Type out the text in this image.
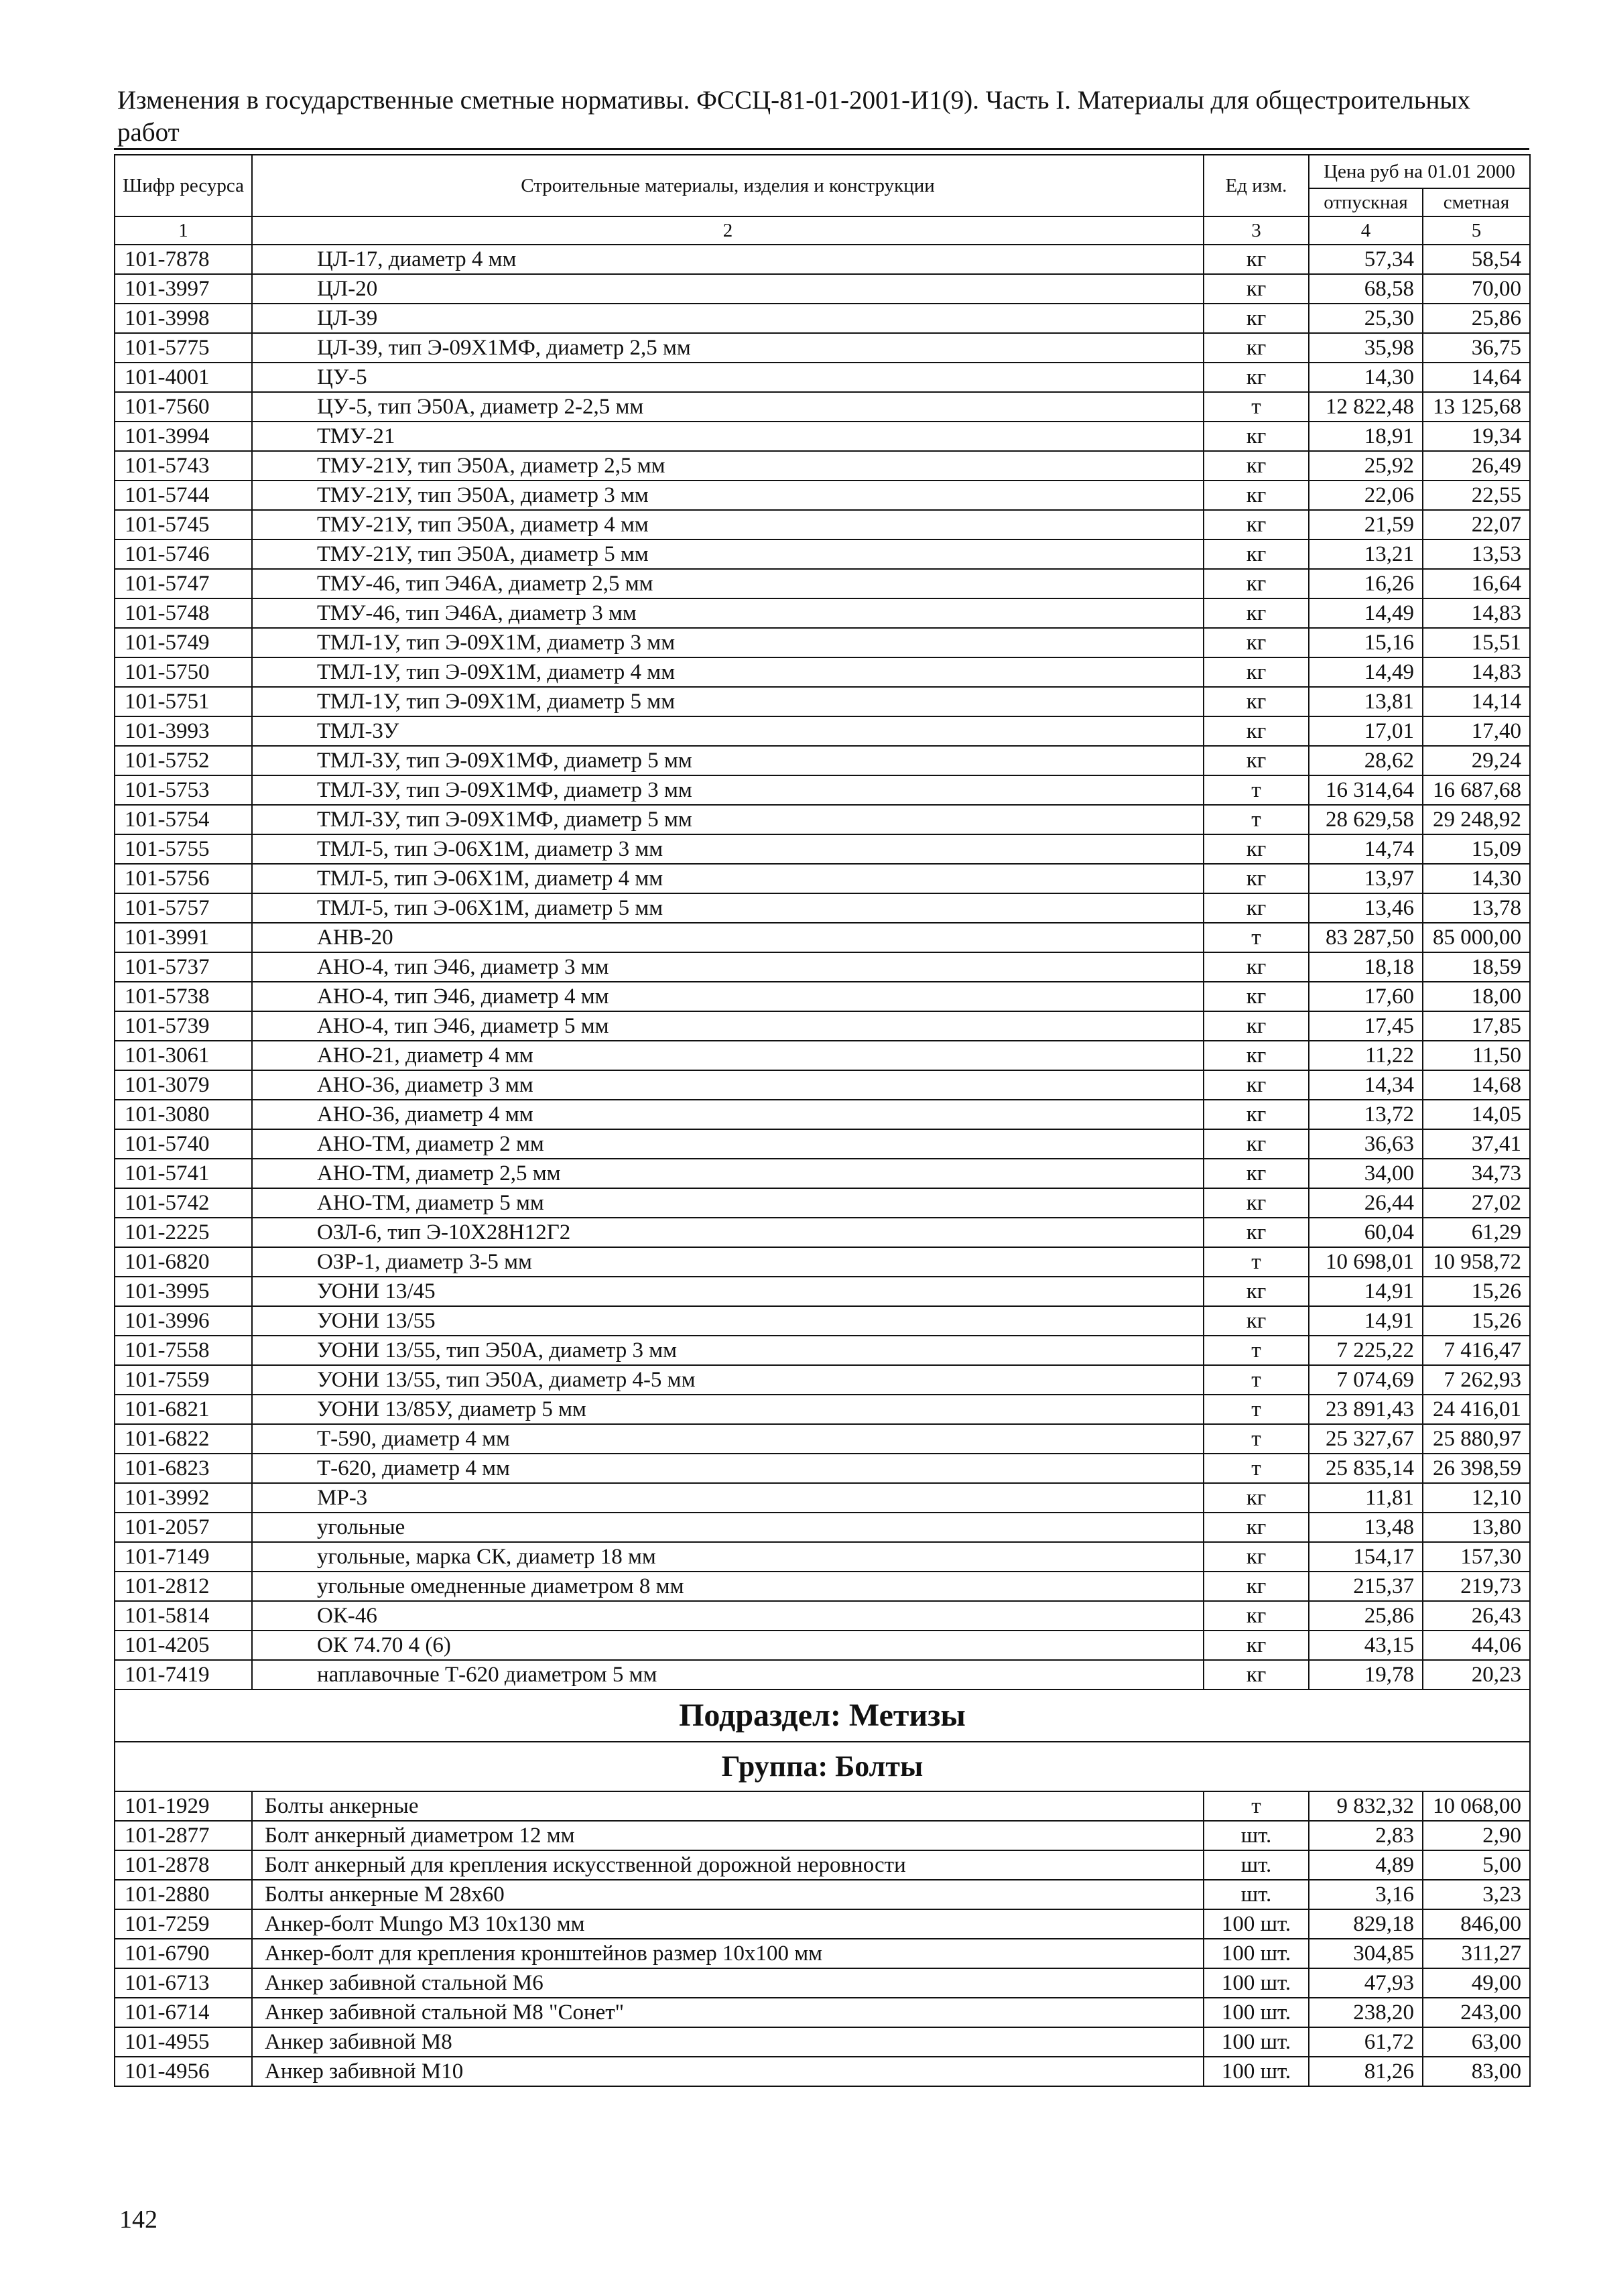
Изменения в государственные сметные нормативы. ФССЦ-81-01-2001-И1(9). Часть I. Материалы для общестроительных работ
Шифр ресурса	Строительные материалы, изделия и конструкции	Ед изм.	Цена руб на 01.01 2000	
			отпускная	сметная
1	2	3	4	5
101-7878	ЦЛ-17, диаметр 4 мм	кг	57,34	58,54
101-3997	ЦЛ-20	кг	68,58	70,00
101-3998	ЦЛ-39	кг	25,30	25,86
101-5775	ЦЛ-39, тип Э-09Х1МФ, диаметр 2,5 мм	кг	35,98	36,75
101-4001	ЦУ-5	кг	14,30	14,64
101-7560	ЦУ-5, тип Э50А, диаметр 2-2,5 мм	т	12 822,48	13 125,68
101-3994	ТМУ-21	кг	18,91	19,34
101-5743	ТМУ-21У, тип Э50А, диаметр 2,5 мм	кг	25,92	26,49
101-5744	ТМУ-21У, тип Э50А, диаметр 3 мм	кг	22,06	22,55
101-5745	ТМУ-21У, тип Э50А, диаметр 4 мм	кг	21,59	22,07
101-5746	ТМУ-21У, тип Э50А, диаметр 5 мм	кг	13,21	13,53
101-5747	ТМУ-46, тип Э46А, диаметр 2,5 мм	кг	16,26	16,64
101-5748	ТМУ-46, тип Э46А, диаметр 3 мм	кг	14,49	14,83
101-5749	ТМЛ-1У, тип Э-09Х1М, диаметр 3 мм	кг	15,16	15,51
101-5750	ТМЛ-1У, тип Э-09Х1М, диаметр 4 мм	кг	14,49	14,83
101-5751	ТМЛ-1У, тип Э-09Х1М, диаметр 5 мм	кг	13,81	14,14
101-3993	ТМЛ-3У	кг	17,01	17,40
101-5752	ТМЛ-3У, тип Э-09Х1МФ, диаметр 5 мм	кг	28,62	29,24
101-5753	ТМЛ-3У, тип Э-09Х1МФ, диаметр 3 мм	т	16 314,64	16 687,68
101-5754	ТМЛ-3У, тип Э-09Х1МФ, диаметр 5 мм	т	28 629,58	29 248,92
101-5755	ТМЛ-5, тип Э-06Х1М, диаметр 3 мм	кг	14,74	15,09
101-5756	ТМЛ-5, тип Э-06Х1М, диаметр 4 мм	кг	13,97	14,30
101-5757	ТМЛ-5, тип Э-06Х1М, диаметр 5 мм	кг	13,46	13,78
101-3991	АНВ-20	т	83 287,50	85 000,00
101-5737	АНО-4, тип Э46, диаметр 3 мм	кг	18,18	18,59
101-5738	АНО-4, тип Э46, диаметр 4 мм	кг	17,60	18,00
101-5739	АНО-4, тип Э46, диаметр 5 мм	кг	17,45	17,85
101-3061	АНО-21, диаметр 4 мм	кг	11,22	11,50
101-3079	АНО-36, диаметр 3 мм	кг	14,34	14,68
101-3080	АНО-36, диаметр 4 мм	кг	13,72	14,05
101-5740	АНО-ТМ, диаметр 2 мм	кг	36,63	37,41
101-5741	АНО-ТМ, диаметр 2,5 мм	кг	34,00	34,73
101-5742	АНО-ТМ, диаметр 5 мм	кг	26,44	27,02
101-2225	ОЗЛ-6, тип Э-10Х28Н12Г2	кг	60,04	61,29
101-6820	ОЗР-1, диаметр 3-5 мм	т	10 698,01	10 958,72
101-3995	УОНИ 13/45	кг	14,91	15,26
101-3996	УОНИ 13/55	кг	14,91	15,26
101-7558	УОНИ 13/55, тип Э50А, диаметр 3 мм	т	7 225,22	7 416,47
101-7559	УОНИ 13/55, тип Э50А, диаметр 4-5 мм	т	7 074,69	7 262,93
101-6821	УОНИ 13/85У, диаметр 5 мм	т	23 891,43	24 416,01
101-6822	Т-590, диаметр 4 мм	т	25 327,67	25 880,97
101-6823	Т-620, диаметр 4 мм	т	25 835,14	26 398,59
101-3992	МР-3	кг	11,81	12,10
101-2057	угольные	кг	13,48	13,80
101-7149	угольные, марка СК, диаметр 18 мм	кг	154,17	157,30
101-2812	угольные омедненные диаметром 8 мм	кг	215,37	219,73
101-5814	ОК-46	кг	25,86	26,43
101-4205	ОК 74.70 4 (6)	кг	43,15	44,06
101-7419	наплавочные Т-620 диаметром 5 мм	кг	19,78	20,23
Подраздел: Метизы				
Группа: Болты				
101-1929	Болты анкерные	т	9 832,32	10 068,00
101-2877	Болт анкерный диаметром 12 мм	шт.	2,83	2,90
101-2878	Болт анкерный для крепления искусственной дорожной неровности	шт.	4,89	5,00
101-2880	Болты анкерные М 28х60	шт.	3,16	3,23
101-7259	Анкер-болт Mungo M3 10x130 мм	100 шт.	829,18	846,00
101-6790	Анкер-болт для крепления кронштейнов размер 10х100 мм	100 шт.	304,85	311,27
101-6713	Анкер забивной стальной М6	100 шт.	47,93	49,00
101-6714	Анкер забивной стальной М8 "Сонет"	100 шт.	238,20	243,00
101-4955	Анкер забивной М8	100 шт.	61,72	63,00
101-4956	Анкер забивной М10	100 шт.	81,26	83,00
142
